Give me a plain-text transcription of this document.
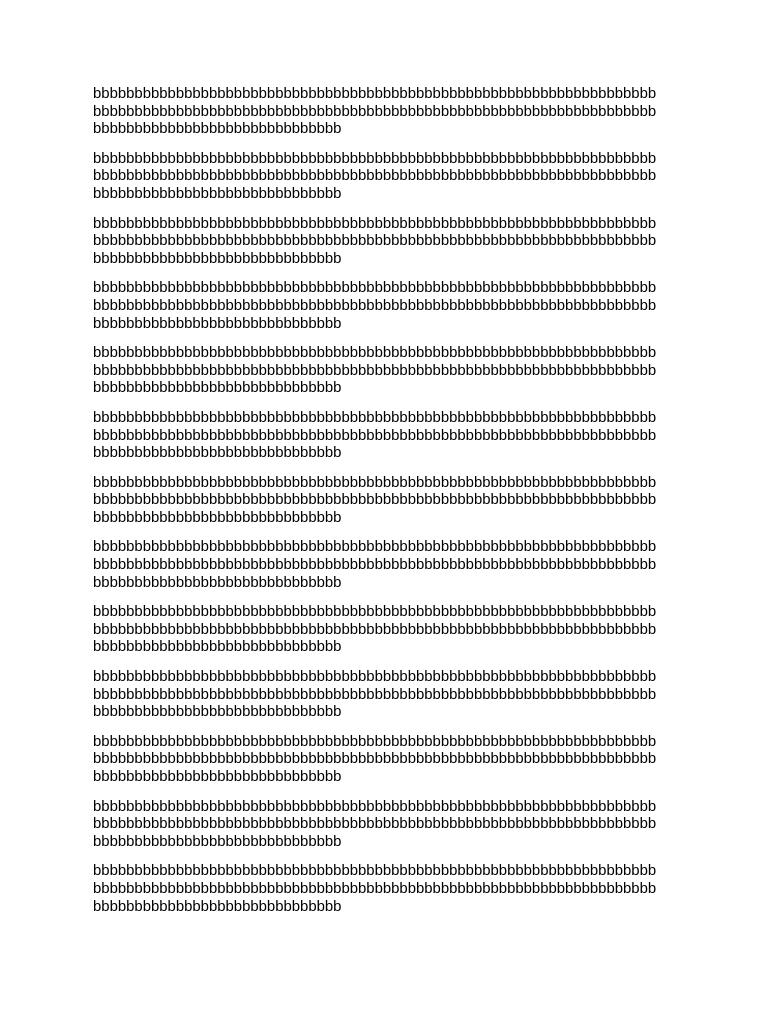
bbbbbbbbbbbbbbbbbbbbbbbbbbbbbbbbbbbbbbbbbbbbbbbbbbbbbbbbbbbbbbbbbbbb
bbbbbbbbbbbbbbbbbbbbbbbbbbbbbbbbbbbbbbbbbbbbbbbbbbbbbbbbbbbbbbbbbbbb
bbbbbbbbbbbbbbbbbbbbbbbbbbbbbb

bbbbbbbbbbbbbbbbbbbbbbbbbbbbbbbbbbbbbbbbbbbbbbbbbbbbbbbbbbbbbbbbbbbb
bbbbbbbbbbbbbbbbbbbbbbbbbbbbbbbbbbbbbbbbbbbbbbbbbbbbbbbbbbbbbbbbbbbb
bbbbbbbbbbbbbbbbbbbbbbbbbbbbbb

bbbbbbbbbbbbbbbbbbbbbbbbbbbbbbbbbbbbbbbbbbbbbbbbbbbbbbbbbbbbbbbbbbbb
bbbbbbbbbbbbbbbbbbbbbbbbbbbbbbbbbbbbbbbbbbbbbbbbbbbbbbbbbbbbbbbbbbbb
bbbbbbbbbbbbbbbbbbbbbbbbbbbbbb

bbbbbbbbbbbbbbbbbbbbbbbbbbbbbbbbbbbbbbbbbbbbbbbbbbbbbbbbbbbbbbbbbbbb
bbbbbbbbbbbbbbbbbbbbbbbbbbbbbbbbbbbbbbbbbbbbbbbbbbbbbbbbbbbbbbbbbbbb
bbbbbbbbbbbbbbbbbbbbbbbbbbbbbb

bbbbbbbbbbbbbbbbbbbbbbbbbbbbbbbbbbbbbbbbbbbbbbbbbbbbbbbbbbbbbbbbbbbb
bbbbbbbbbbbbbbbbbbbbbbbbbbbbbbbbbbbbbbbbbbbbbbbbbbbbbbbbbbbbbbbbbbbb
bbbbbbbbbbbbbbbbbbbbbbbbbbbbbb

bbbbbbbbbbbbbbbbbbbbbbbbbbbbbbbbbbbbbbbbbbbbbbbbbbbbbbbbbbbbbbbbbbbb
bbbbbbbbbbbbbbbbbbbbbbbbbbbbbbbbbbbbbbbbbbbbbbbbbbbbbbbbbbbbbbbbbbbb
bbbbbbbbbbbbbbbbbbbbbbbbbbbbbb

bbbbbbbbbbbbbbbbbbbbbbbbbbbbbbbbbbbbbbbbbbbbbbbbbbbbbbbbbbbbbbbbbbbb
bbbbbbbbbbbbbbbbbbbbbbbbbbbbbbbbbbbbbbbbbbbbbbbbbbbbbbbbbbbbbbbbbbbb
bbbbbbbbbbbbbbbbbbbbbbbbbbbbbb

bbbbbbbbbbbbbbbbbbbbbbbbbbbbbbbbbbbbbbbbbbbbbbbbbbbbbbbbbbbbbbbbbbbb
bbbbbbbbbbbbbbbbbbbbbbbbbbbbbbbbbbbbbbbbbbbbbbbbbbbbbbbbbbbbbbbbbbbb
bbbbbbbbbbbbbbbbbbbbbbbbbbbbbb

bbbbbbbbbbbbbbbbbbbbbbbbbbbbbbbbbbbbbbbbbbbbbbbbbbbbbbbbbbbbbbbbbbbb
bbbbbbbbbbbbbbbbbbbbbbbbbbbbbbbbbbbbbbbbbbbbbbbbbbbbbbbbbbbbbbbbbbbb
bbbbbbbbbbbbbbbbbbbbbbbbbbbbbb

bbbbbbbbbbbbbbbbbbbbbbbbbbbbbbbbbbbbbbbbbbbbbbbbbbbbbbbbbbbbbbbbbbbb
bbbbbbbbbbbbbbbbbbbbbbbbbbbbbbbbbbbbbbbbbbbbbbbbbbbbbbbbbbbbbbbbbbbb
bbbbbbbbbbbbbbbbbbbbbbbbbbbbbb

bbbbbbbbbbbbbbbbbbbbbbbbbbbbbbbbbbbbbbbbbbbbbbbbbbbbbbbbbbbbbbbbbbbb
bbbbbbbbbbbbbbbbbbbbbbbbbbbbbbbbbbbbbbbbbbbbbbbbbbbbbbbbbbbbbbbbbbbb
bbbbbbbbbbbbbbbbbbbbbbbbbbbbbb

bbbbbbbbbbbbbbbbbbbbbbbbbbbbbbbbbbbbbbbbbbbbbbbbbbbbbbbbbbbbbbbbbbbb
bbbbbbbbbbbbbbbbbbbbbbbbbbbbbbbbbbbbbbbbbbbbbbbbbbbbbbbbbbbbbbbbbbbb
bbbbbbbbbbbbbbbbbbbbbbbbbbbbbb

bbbbbbbbbbbbbbbbbbbbbbbbbbbbbbbbbbbbbbbbbbbbbbbbbbbbbbbbbbbbbbbbbbbb
bbbbbbbbbbbbbbbbbbbbbbbbbbbbbbbbbbbbbbbbbbbbbbbbbbbbbbbbbbbbbbbbbbbb
bbbbbbbbbbbbbbbbbbbbbbbbbbbbbb
